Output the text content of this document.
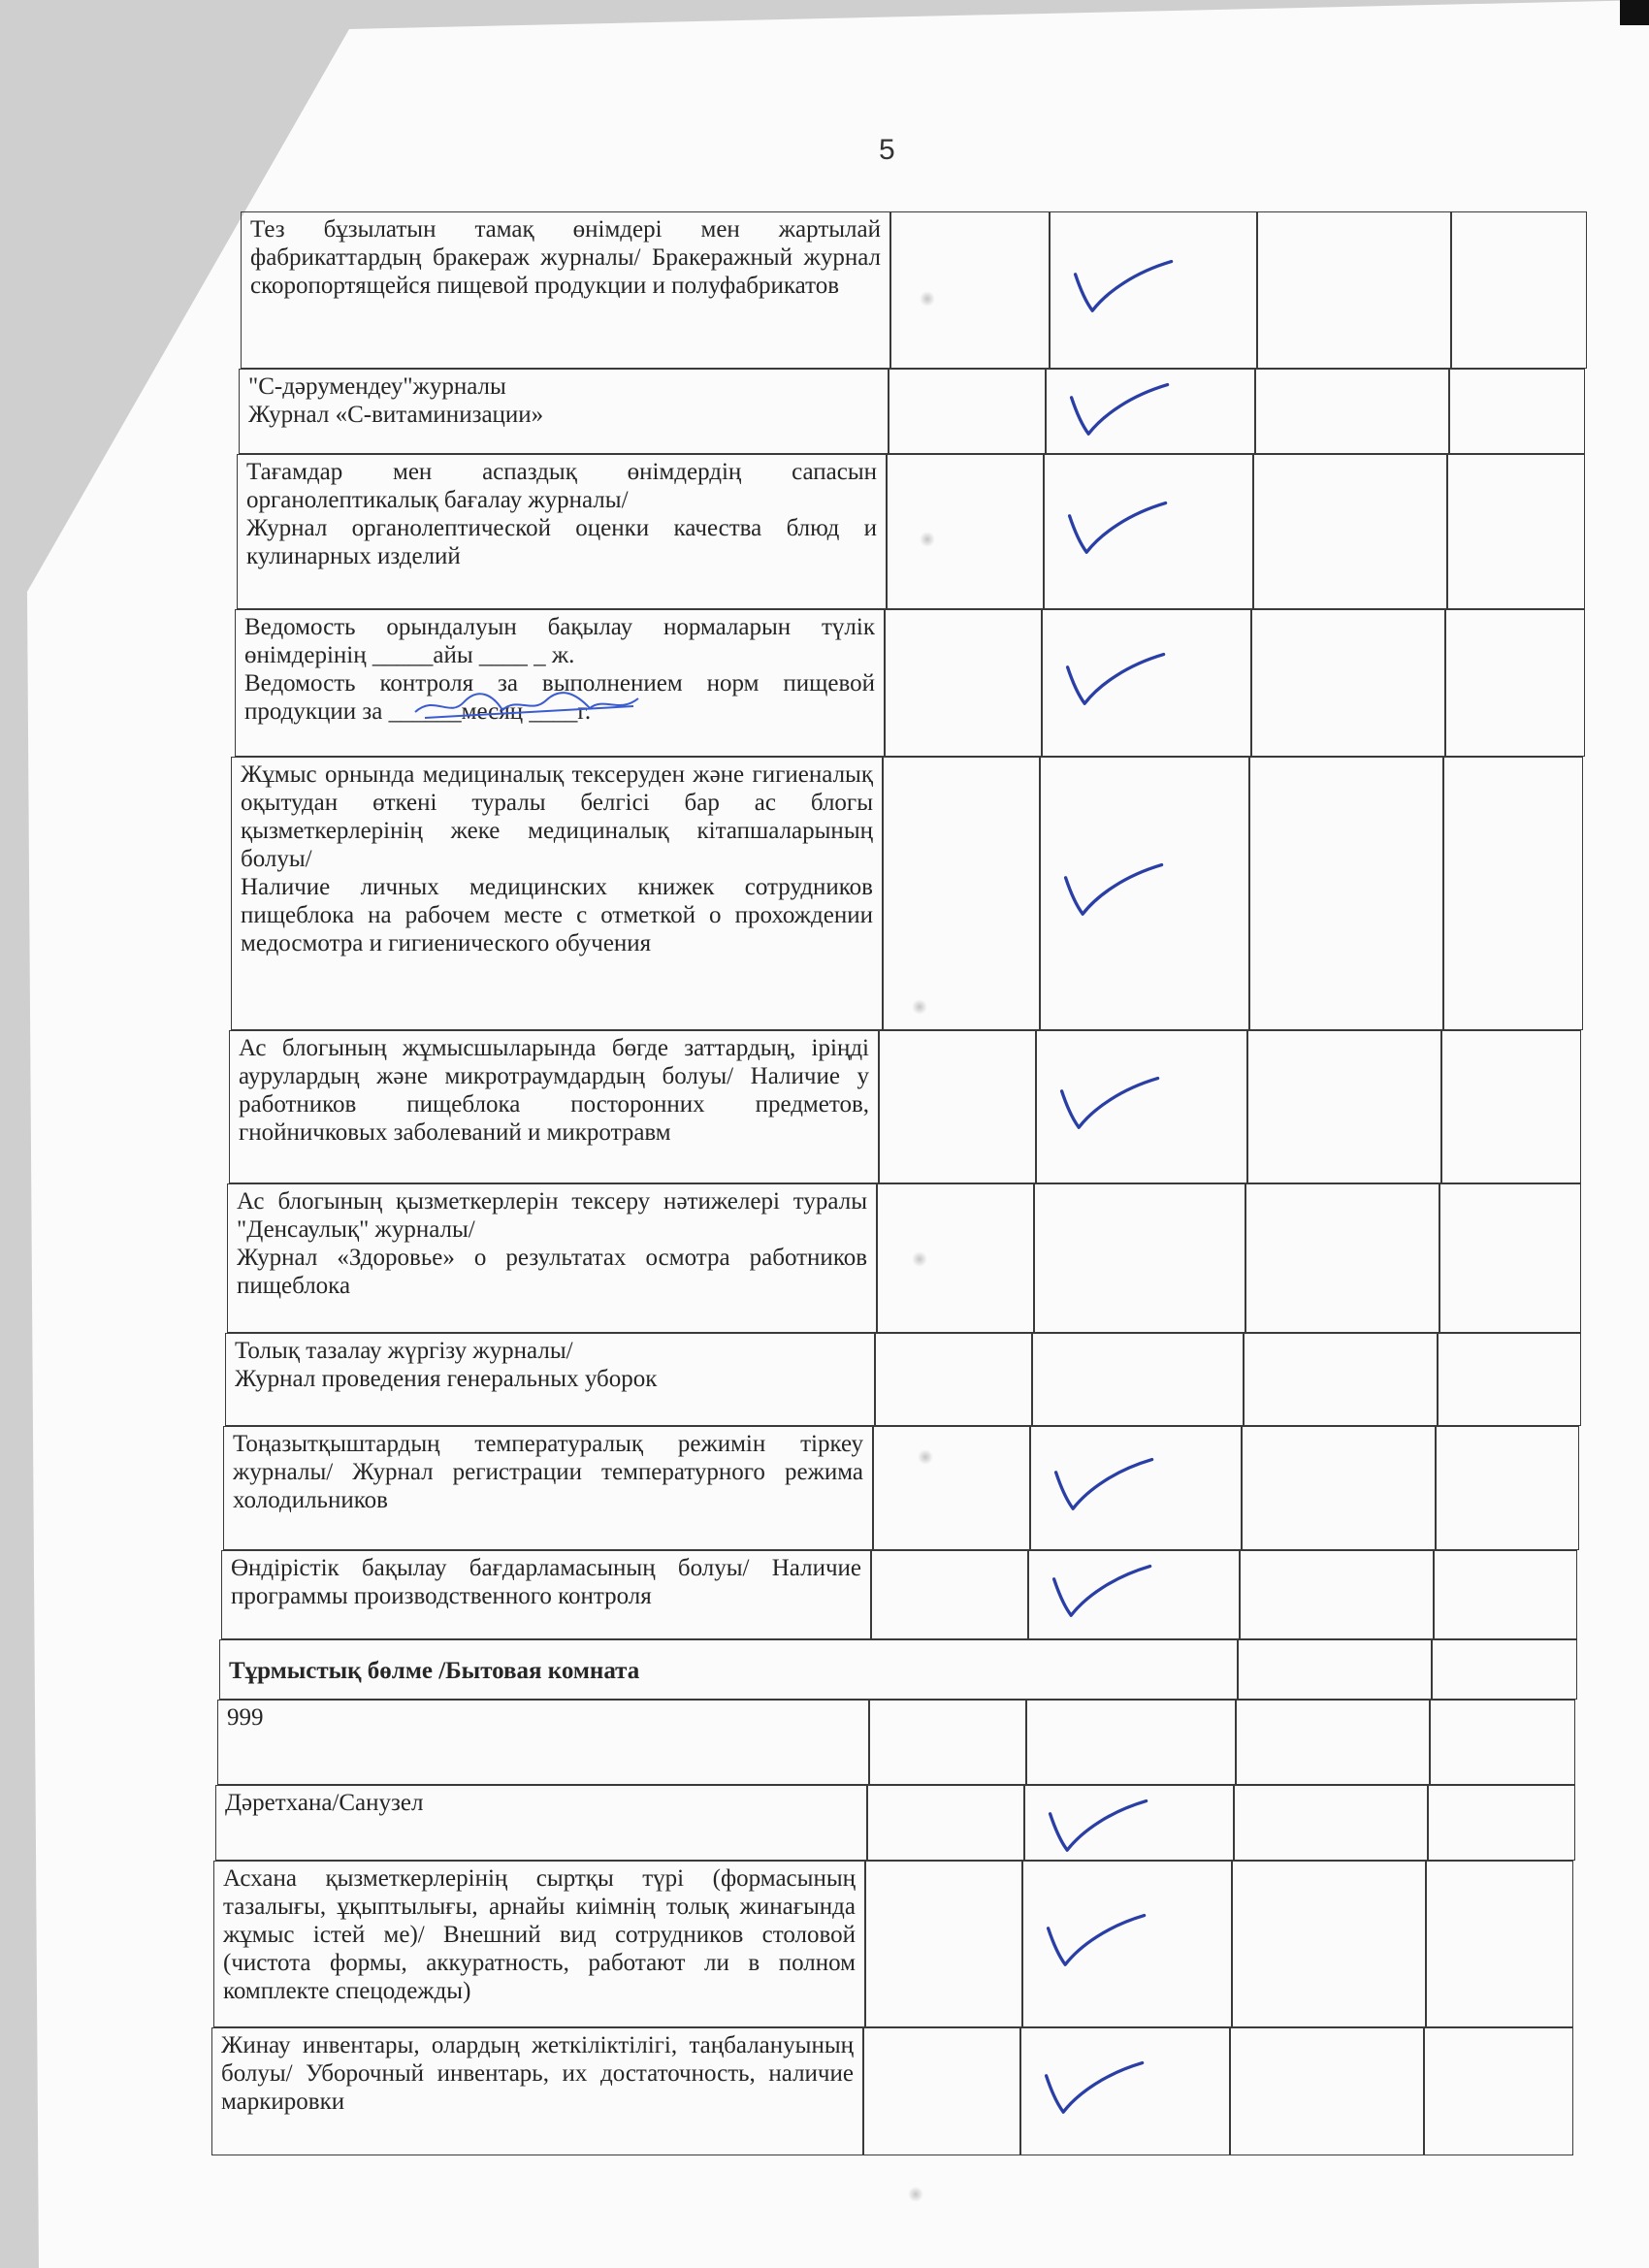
5
Тез бұзылатын тамақ өнімдері мен жартылай фабрикаттардың бракераж журналы/ Бракеражный журнал скоропортящейся пищевой продукции и полуфабрикатов
"С-дәрумендеу"журналы
Журнал «С-витаминизации»
Тағамдар мен аспаздық өнімдердің сапасын органолептикалық бағалау журналы/
Журнал органолептической оценки качества блюд и кулинарных изделий
Ведомость орындалуын бақылау нормаларын түлік өнімдерінің _____айы ____ _ ж.
Ведомость контроля за выполнением норм пищевой продукции за ______месяц ____г.
Жұмыс орнында медициналық тексеруден және гигиеналық оқытудан өткені туралы белгісі бар ас блогы қызметкерлерінің жеке медициналық кітапшаларының болуы/
Наличие личных медицинских книжек сотрудников пищеблока на рабочем месте с отметкой о прохождении медосмотра и гигиенического обучения
Ас блогының жұмысшыларында бөгде заттардың, іріңді аурулардың және микротраумдардың болуы/ Наличие у работников пищеблока посторонних предметов, гнойничковых заболеваний и микротравм
Ас блогының қызметкерлерін тексеру нәтижелері туралы "Денсаулық" журналы/
Журнал «Здоровье» о результатах осмотра работников пищеблока
Толық тазалау жүргізу журналы/
Журнал проведения генеральных уборок
Тоңазытқыштардың температуралық режимін тіркеу журналы/ Журнал регистрации температурного режима холодильников
Өндірістік бақылау бағдарламасының болуы/ Наличие программы производственного контроля
Тұрмыстық бөлме /Бытовая комната
999
Дәретхана/Санузел
Асхана қызметкерлерінің сыртқы түрі (формасының тазалығы, ұқыптылығы, арнайы киімнің толық жинағында жұмыс істей ме)/ Внешний вид сотрудников столовой (чистота формы, аккуратность, работают ли в полном комплекте спецодежды)
Жинау инвентары, олардың жеткіліктілігі, таңбалануының болуы/ Уборочный инвентарь, их достаточность, наличие маркировки
